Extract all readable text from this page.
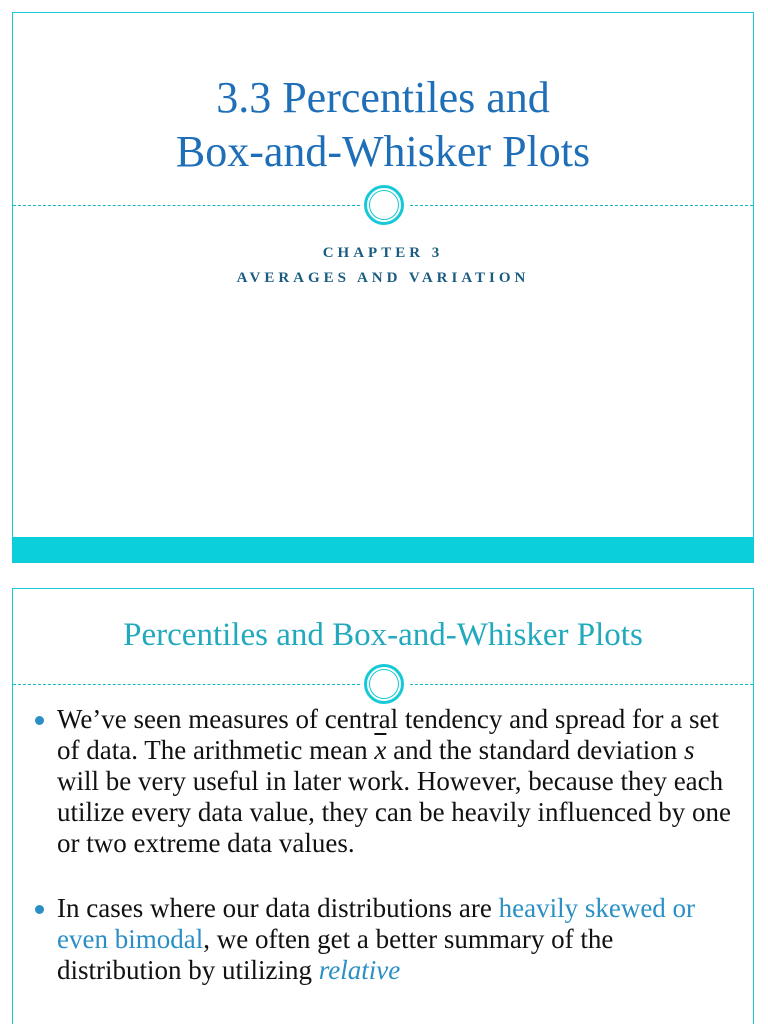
3.3 Percentiles and
Box-and-Whisker Plots
CHAPTER 3
AVERAGES AND VARIATION
Percentiles and Box-and-Whisker Plots
We’ve seen measures of central tendency and spread for a set of data. The arithmetic mean $\overline{x}$ and the standard deviation s will be very useful in later work. However, because they each utilize every data value, they can be heavily influenced by one or two extreme data values.
In cases where our data distributions are heavily skewed or even bimodal, we often get a better summary of the distribution by utilizing relative
